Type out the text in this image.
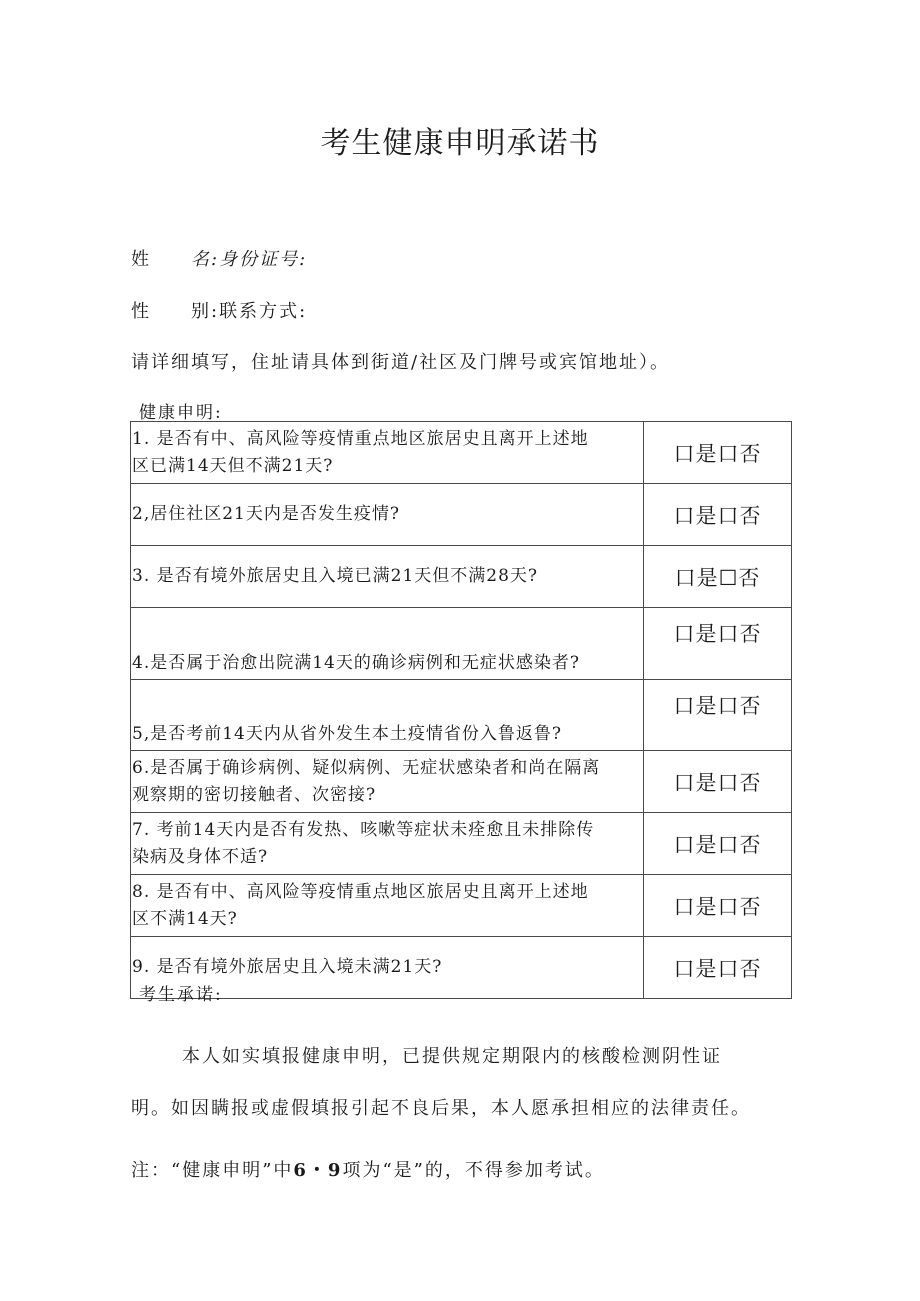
考生健康申明承诺书
姓 名:身份证号:
性 别:联系方式:
请详细填写，住址请具体到街道/社区及门牌号或宾馆地址）。
健康申明:
1. 是否有中、高风险等疫情重点地区旅居史且离开上述地
区已满14天但不满21天?	口是口否

2,居住社区21天内是否发生疫情?	口是口否

3. 是否有境外旅居史且入境已满21天但不满28天?	口是☐否

4.是否属于治愈出院满14天的确诊病例和无症状感染者?	口是口否

5,是否考前14天内从省外发生本土疫情省份入鲁返鲁?	口是口否

6.是否属于确诊病例、疑似病例、无症状感染者和尚在隔离
观察期的密切接触者、次密接?	口是口否

7. 考前14天内是否有发热、咳嗽等症状未痊愈且未排除传
染病及身体不适?	口是口否

8. 是否有中、高风险等疫情重点地区旅居史且离开上述地
区不满14天?	口是口否

9. 是否有境外旅居史且入境未满21天?	口是口否
考生承诺:
本人如实填报健康申明，已提供规定期限内的核酸检测阴性证
明。如因瞒报或虚假填报引起不良后果，本人愿承担相应的法律责任。
注：“健康申明”中6・9项为“是”的，不得参加考试。
